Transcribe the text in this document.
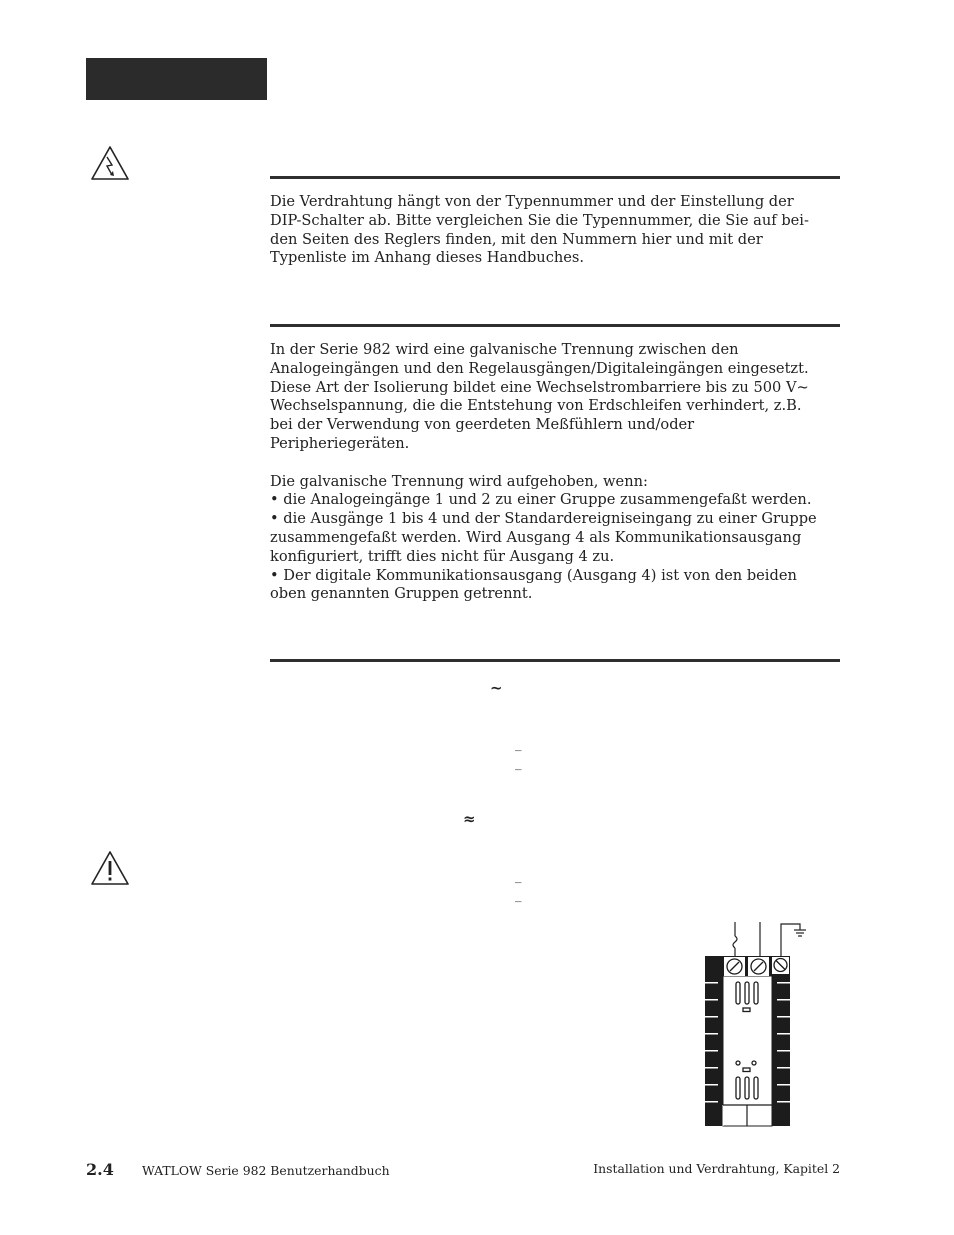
Die Verdrahtung hängt von der Typennummer und der Einstellung der

DIP-Schalter ab. Bitte vergleichen Sie die Typennummer, die Sie auf bei-

den Seiten des Reglers finden, mit den Nummern hier und mit der

Typenliste im Anhang dieses Handbuches.

In der Serie 982 wird eine galvanische Trennung zwischen den

Analogeingängen und den Regelausgängen/Digitaleingängen eingesetzt.

Diese Art der Isolierung bildet eine Wechselstrombarriere bis zu 500 V~

Wechselspannung, die die Entstehung von Erdschleifen verhindert, z.B.

bei der Verwendung von geerdeten Meßfühlern und/oder

Peripheriegeräten.

Die galvanische Trennung wird aufgehoben, wenn:

• die Analogeingänge 1 und 2 zu einer Gruppe zusammengefaßt werden.

• die Ausgänge 1 bis 4 und der Standardereigniseingang zu einer Gruppe

zusammengefaßt werden. Wird Ausgang 4 als Kommunikationsausgang

konfiguriert, trifft dies nicht für Ausgang 4 zu.

• Der digitale Kommunikationsausgang (Ausgang 4) ist von den beiden

oben genannten Gruppen getrennt.

~
_
_
≈
_
_
2.4 WATLOW Serie 982 Benutzerhandbuch	Installation und Verdrahtung, Kapitel 2
